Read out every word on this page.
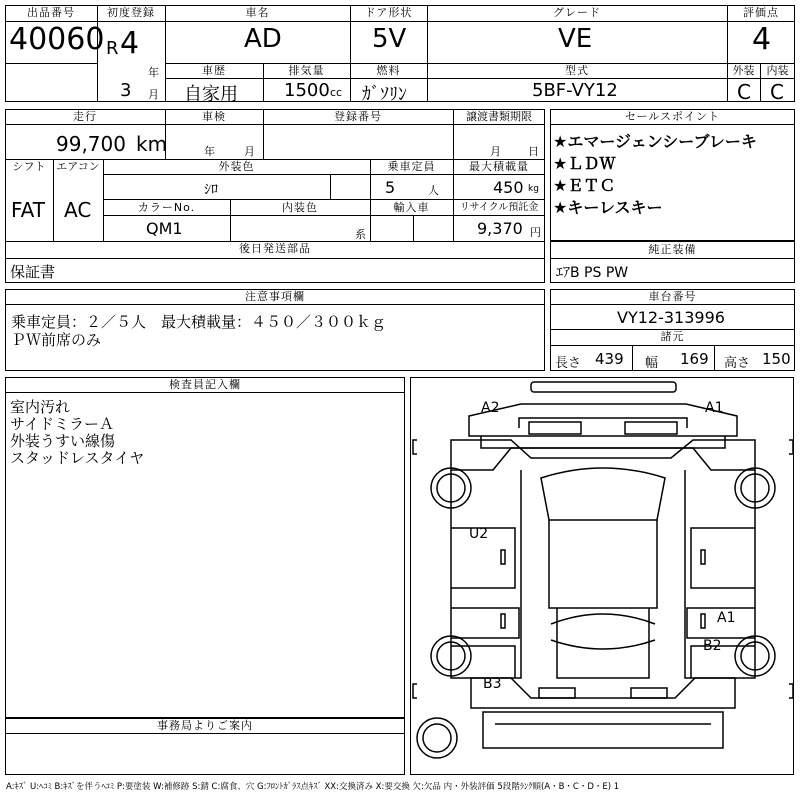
出品番号
40060
初度登録
R 4
年
3 月
車名
AD
ドア形状
5V
グレード
VE
評価点
4
車歴
自家用
排気量
1500 cc
燃料
ｶﾞｿﾘﾝ
型式
5BF-VY12
外装	内装
C C
走行
99,700 km
車検
年	月
登録番号	譲渡書類期限
月 日
シフト
FAT
エアコン
AC
外装色
ｼﾛ
乗車定員
5	人
最大積載量
450 kg
カラーNo.
QM1
内装色
系
輸入車	リサイクル預託金
9,370 円
後日発送部品
保証書
セールスポイント
★エマージェンシーブレーキ
★ＬＤＷ
★ＥＴＣ
★キーレスキー
純正装備
ｴｱB PS PW
注意事項欄
乗車定員：２／５人　最大積載量：４５０／３００ｋｇ
ＰＷ前席のみ
車台番号
VY12-313996
諸元
長さ 439 幅 169 高さ 150
検査員記入欄
室内汚れ
サイドミラーＡ
外装うすい線傷
スタッドレスタイヤ
事務局よりご案内
A2	A1
U2
A1
B2
B3
A:ｷｽﾞ U:ﾍｺﾐ B:ｷｽﾞを伴うﾍｺﾐ P:要塗装 W:補修跡 S:錆 C:腐食、穴 G:ﾌﾛﾝﾄｶﾞﾗｽ点ｷｽﾞ XX:交換済み X:要交換 欠:欠品 内・外装評価 5段階ﾗﾝｸ順(A・B・C・D・E) 1
